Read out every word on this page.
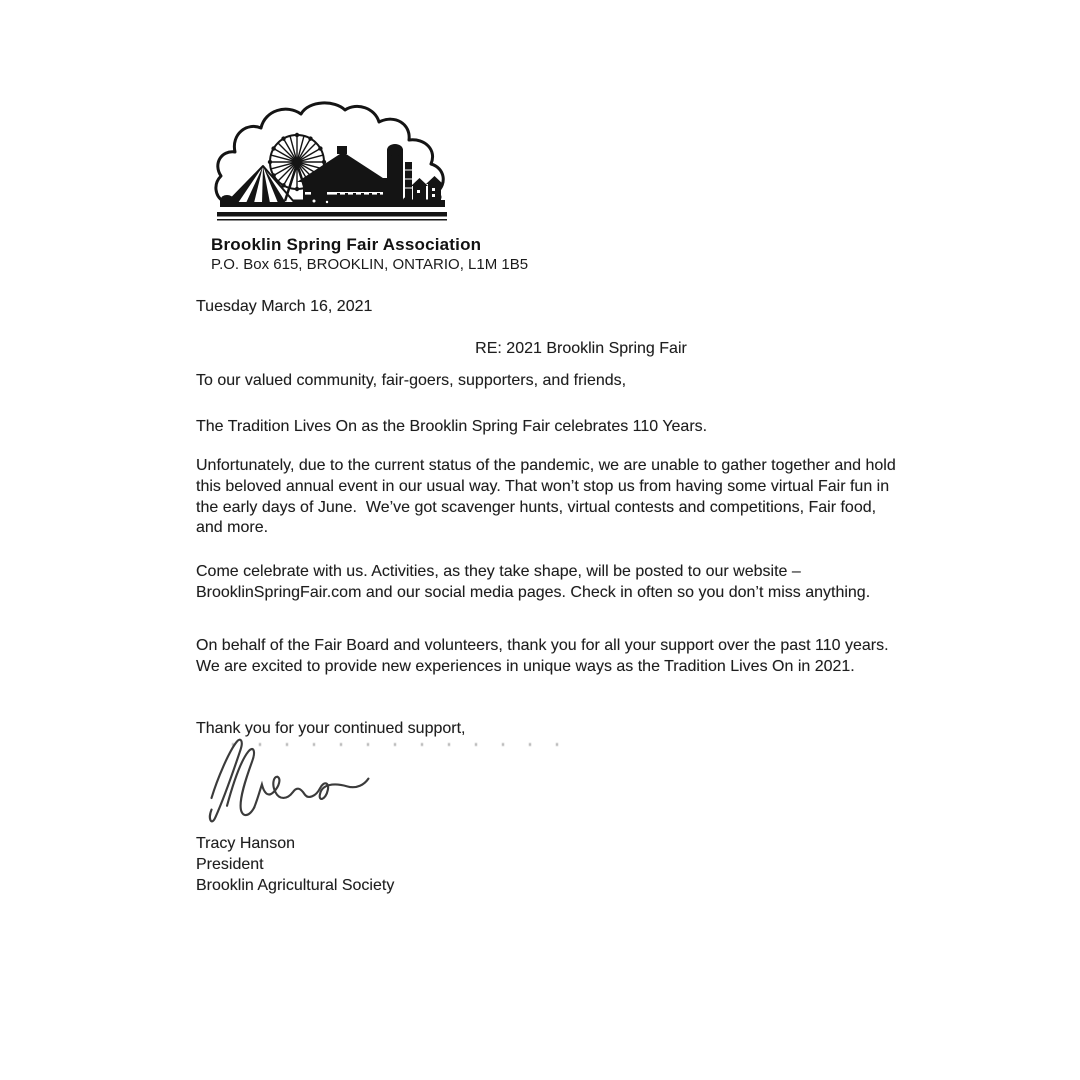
Brooklin Spring Fair Association
P.O. Box 615, BROOKLIN, ONTARIO, L1M 1B5

Tuesday March 16, 2021

RE: 2021 Brooklin Spring Fair

To our valued community, fair-goers, supporters, and friends,

The Tradition Lives On as the Brooklin Spring Fair celebrates 110 Years.

Unfortunately, due to the current status of the pandemic, we are unable to gather together and hold this beloved annual event in our usual way. That won’t stop us from having some virtual Fair fun in the early days of June.  We’ve got scavenger hunts, virtual contests and competitions, Fair food, and more.

Come celebrate with us. Activities, as they take shape, will be posted to our website – BrooklinSpringFair.com and our social media pages. Check in often so you don’t miss anything.

On behalf of the Fair Board and volunteers, thank you for all your support over the past 110 years. We are excited to provide new experiences in unique ways as the Tradition Lives On in 2021.

Thank you for your continued support,

Tracy Hanson

President

Brooklin Agricultural Society
